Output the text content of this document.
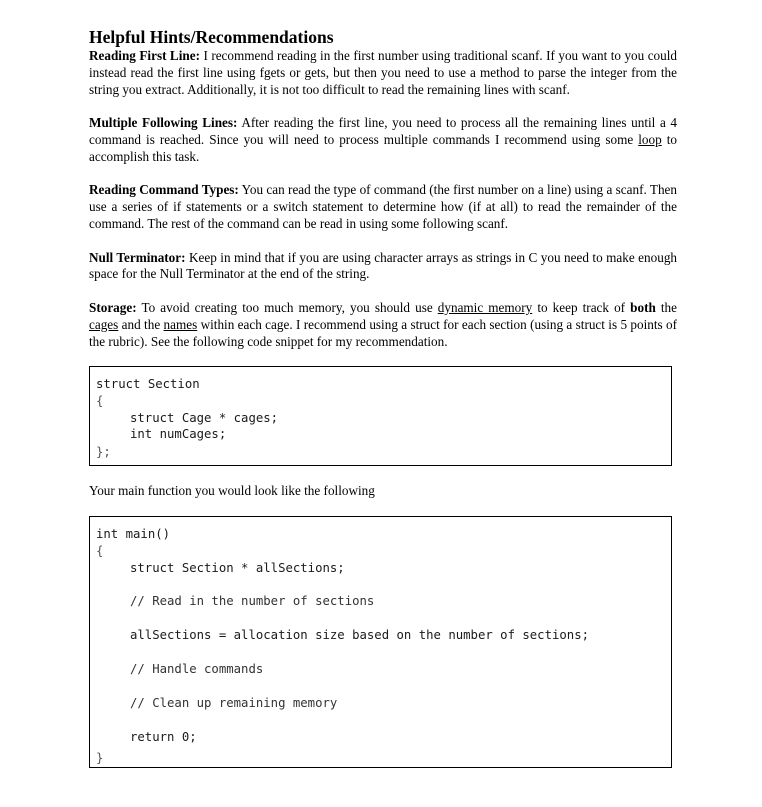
Helpful Hints/Recommendations

Reading First Line: I recommend reading in the first number using traditional scanf. If you want to you could instead read the first line using fgets or gets, but then you need to use a method to parse the integer from the string you extract. Additionally, it is not too difficult to read the remaining lines with scanf.

Multiple Following Lines: After reading the first line, you need to process all the remaining lines until a 4 command is reached. Since you will need to process multiple commands I recommend using some loop to accomplish this task.

Reading Command Types: You can read the type of command (the first number on a line) using a scanf. Then use a series of if statements or a switch statement to determine how (if at all) to read the remainder of the command. The rest of the command can be read in using some following scanf.

Null Terminator: Keep in mind that if you are using character arrays as strings in C you need to make enough space for the Null Terminator at the end of the string.

Storage: To avoid creating too much memory, you should use dynamic memory to keep track of both the cages and the names within each cage. I recommend using a struct for each section (using a struct is 5 points of the rubric). See the following code snippet for my recommendation.

struct Section
{
struct Cage * cages;
int numCages;
};
Your main function you would look like the following
int main()
{
struct Section * allSections;
// Read in the number of sections
allSections = allocation size based on the number of sections;
// Handle commands
// Clean up remaining memory
return 0;
}
